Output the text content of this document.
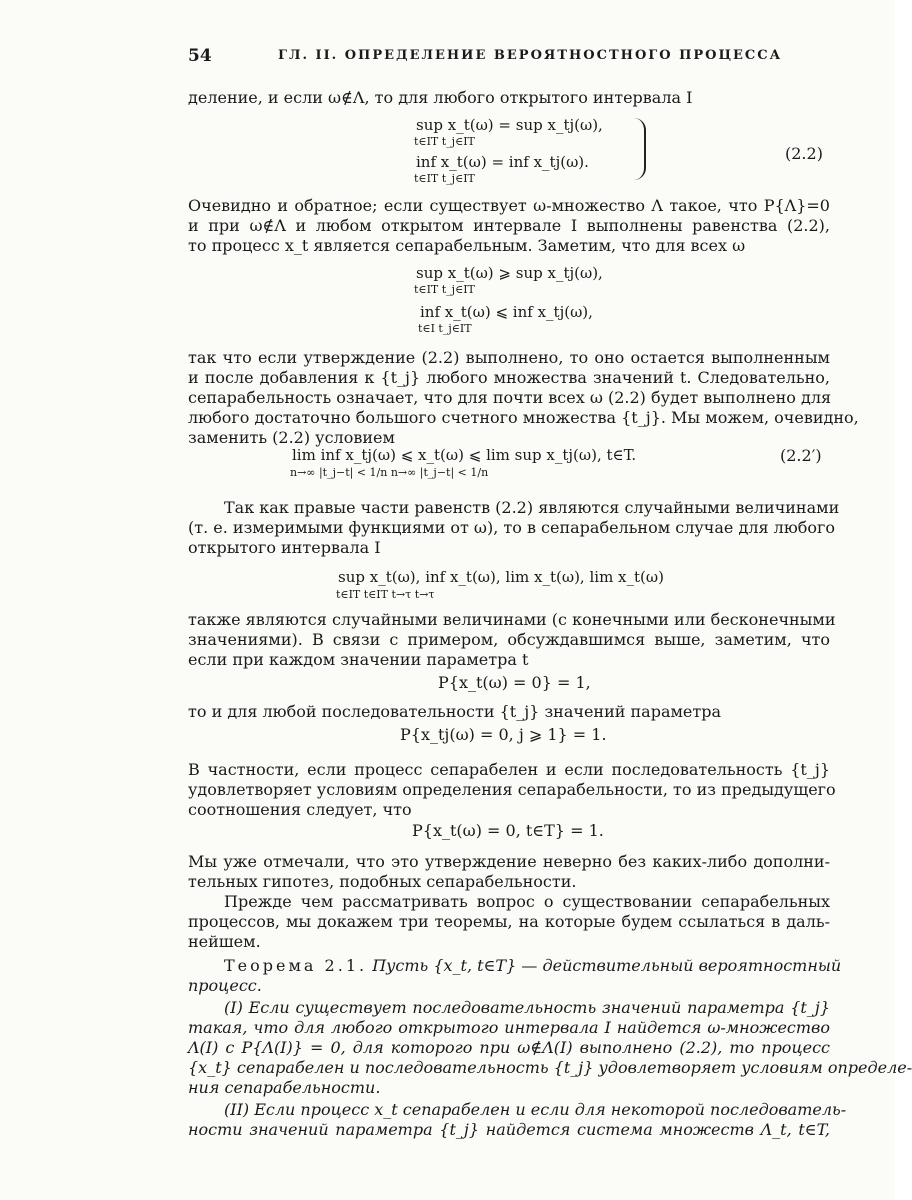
54	ГЛ. II. ОПРЕДЕЛЕНИЕ ВЕРОЯТНОСТНОГО ПРОЦЕССА
деление, и если ω∉Λ, то для любого открытого интервала I
sup x_t(ω) = sup x_tj(ω),
t∈IT t_j∈IT
inf x_t(ω) = inf x_tj(ω).
t∈IT t_j∈IT
(2.2)
Очевидно и обратное; если существует ω-множество Λ такое, что P{Λ}=0
и при ω∉Λ и любом открытом интервале I выполнены равенства (2.2),
то процесс x_t является сепарабельным. Заметим, что для всех ω
sup x_t(ω) ⩾ sup x_tj(ω),
t∈IT t_j∈IT
inf x_t(ω) ⩽ inf x_tj(ω),
t∈I t_j∈IT
так что если утверждение (2.2) выполнено, то оно остается выполненным
и после добавления к {t_j} любого множества значений t. Следовательно,
сепарабельность означает, что для почти всех ω (2.2) будет выполнено для
любого достаточно большого счетного множества {t_j}. Мы можем, очевидно,
заменить (2.2) условием
lim inf x_tj(ω) ⩽ x_t(ω) ⩽ lim sup x_tj(ω), t∈T.
n→∞ |t_j−t| < 1/n n→∞ |t_j−t| < 1/n
(2.2′)
Так как правые части равенств (2.2) являются случайными величинами
(т. е. измеримыми функциями от ω), то в сепарабельном случае для любого
открытого интервала I
sup x_t(ω), inf x_t(ω), lim x_t(ω), lim x_t(ω)
t∈IT t∈IT t→τ t→τ
также являются случайными величинами (с конечными или бесконечными
значениями). В связи с примером, обсуждавшимся выше, заметим, что
если при каждом значении параметра t
P{x_t(ω) = 0} = 1,
то и для любой последовательности {t_j} значений параметра
P{x_tj(ω) = 0, j ⩾ 1} = 1.
В частности, если процесс сепарабелен и если последовательность {t_j}
удовлетворяет условиям определения сепарабельности, то из предыдущего
соотношения следует, что
P{x_t(ω) = 0, t∈T} = 1.
Мы уже отмечали, что это утверждение неверно без каких-либо дополни-
тельных гипотез, подобных сепарабельности.
Прежде чем рассматривать вопрос о существовании сепарабельных
процессов, мы докажем три теоремы, на которые будем ссылаться в даль-
нейшем.
Теорема 2.1. Пусть {x_t, t∈T} — действительный вероятностный
процесс.
(I) Если существует последовательность значений параметра {t_j}
такая, что для любого открытого интервала I найдется ω-множество
Λ(I) с P{Λ(I)} = 0, для которого при ω∉Λ(I) выполнено (2.2), то процесс
{x_t} сепарабелен и последовательность {t_j} удовлетворяет условиям определе-
ния сепарабельности.
(II) Если процесс x_t сепарабелен и если для некоторой последователь-
ности значений параметра {t_j} найдется система множеств Λ_t, t∈T,
